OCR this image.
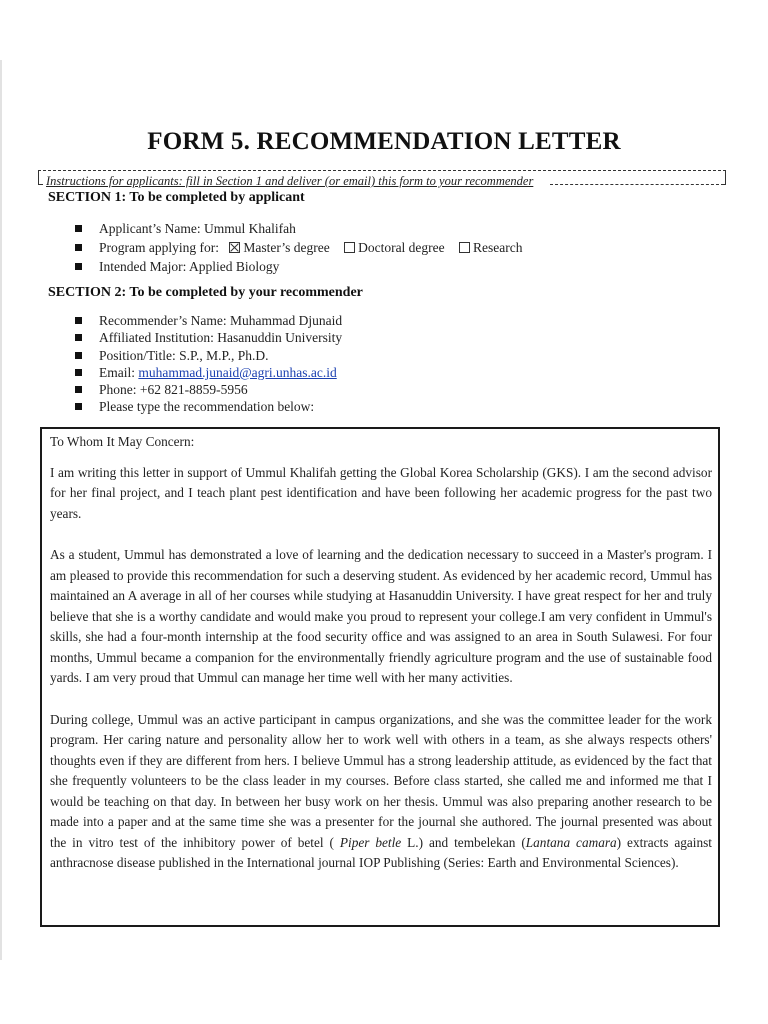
FORM 5. RECOMMENDATION LETTER
Instructions for applicants: fill in Section 1 and deliver (or email) this form to your recommender
SECTION 1: To be completed by applicant
Applicant’s Name: Ummul Khalifah
Program applying for: Master’s degree Doctoral degree Research
Intended Major: Applied Biology
SECTION 2: To be completed by your recommender
Recommender’s Name: Muhammad Djunaid
Affiliated Institution: Hasanuddin University
Position/Title: S.P., M.P., Ph.D.
Email: muhammad.junaid@agri.unhas.ac.id
Phone: +62 821-8859-5956
Please type the recommendation below:

To Whom It May Concern:

I am writing this letter in support of Ummul Khalifah getting the Global Korea Scholarship (GKS). I am the second advisor for her final project, and I teach plant pest identification and have been following her academic progress for the past two years.

As a student, Ummul has demonstrated a love of learning and the dedication necessary to succeed in a Master's program. I am pleased to provide this recommendation for such a deserving student. As evidenced by her academic record, Ummul has maintained an A average in all of her courses while studying at Hasanuddin University. I have great respect for her and truly believe that she is a worthy candidate and would make you proud to represent your college.I am very confident in Ummul's skills, she had a four-month internship at the food security office and was assigned to an area in South Sulawesi. For four months, Ummul became a companion for the environmentally friendly agriculture program and the use of sustainable food yards. I am very proud that Ummul can manage her time well with her many activities.

During college, Ummul was an active participant in campus organizations, and she was the committee leader for the work program. Her caring nature and personality allow her to work well with others in a team, as she always respects others' thoughts even if they are different from hers. I believe Ummul has a strong leadership attitude, as evidenced by the fact that she frequently volunteers to be the class leader in my courses. Before class started, she called me and informed me that I would be teaching on that day. In between her busy work on her thesis. Ummul was also preparing another research to be made into a paper and at the same time she was a presenter for the journal she authored. The journal presented was about the in vitro test of the inhibitory power of betel ( Piper betle L.) and tembelekan (Lantana camara) extracts against anthracnose disease published in the International journal IOP Publishing (Series: Earth and Environmental Sciences).
